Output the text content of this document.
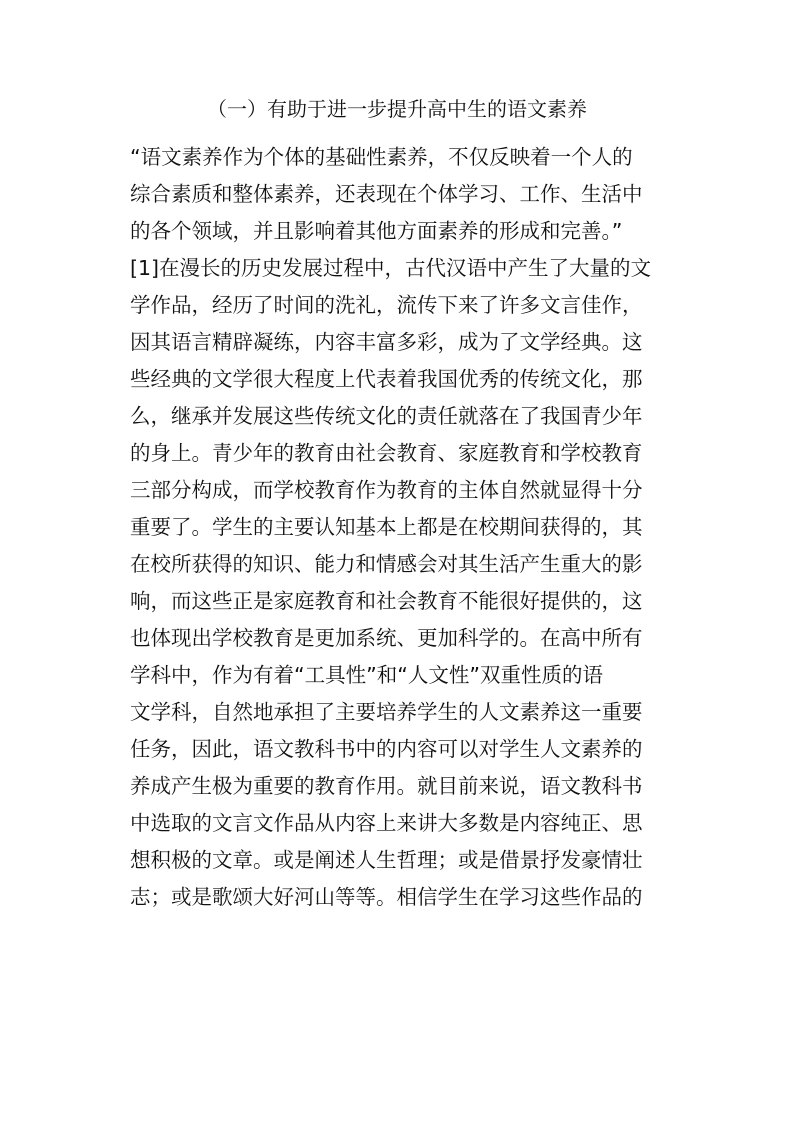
（一）有助于进一步提升高中生的语文素养
“语文素养作为个体的基础性素养，不仅反映着一个人的
综合素质和整体素养，还表现在个体学习、工作、生活中
的各个领域，并且影响着其他方面素养的形成和完善。”
[1]在漫长的历史发展过程中，古代汉语中产生了大量的文
学作品，经历了时间的洗礼，流传下来了许多文言佳作，
因其语言精辟凝练，内容丰富多彩，成为了文学经典。这
些经典的文学很大程度上代表着我国优秀的传统文化，那
么，继承并发展这些传统文化的责任就落在了我国青少年
的身上。青少年的教育由社会教育、家庭教育和学校教育
三部分构成，而学校教育作为教育的主体自然就显得十分
重要了。学生的主要认知基本上都是在校期间获得的，其
在校所获得的知识、能力和情感会对其生活产生重大的影
响，而这些正是家庭教育和社会教育不能很好提供的，这
也体现出学校教育是更加系统、更加科学的。在高中所有
学科中，作为有着“工具性”和“人文性”双重性质的语
文学科，自然地承担了主要培养学生的人文素养这一重要
任务，因此，语文教科书中的内容可以对学生人文素养的
养成产生极为重要的教育作用。就目前来说，语文教科书
中选取的文言文作品从内容上来讲大多数是内容纯正、思
想积极的文章。或是阐述人生哲理；或是借景抒发豪情壮
志；或是歌颂大好河山等等。相信学生在学习这些作品的
